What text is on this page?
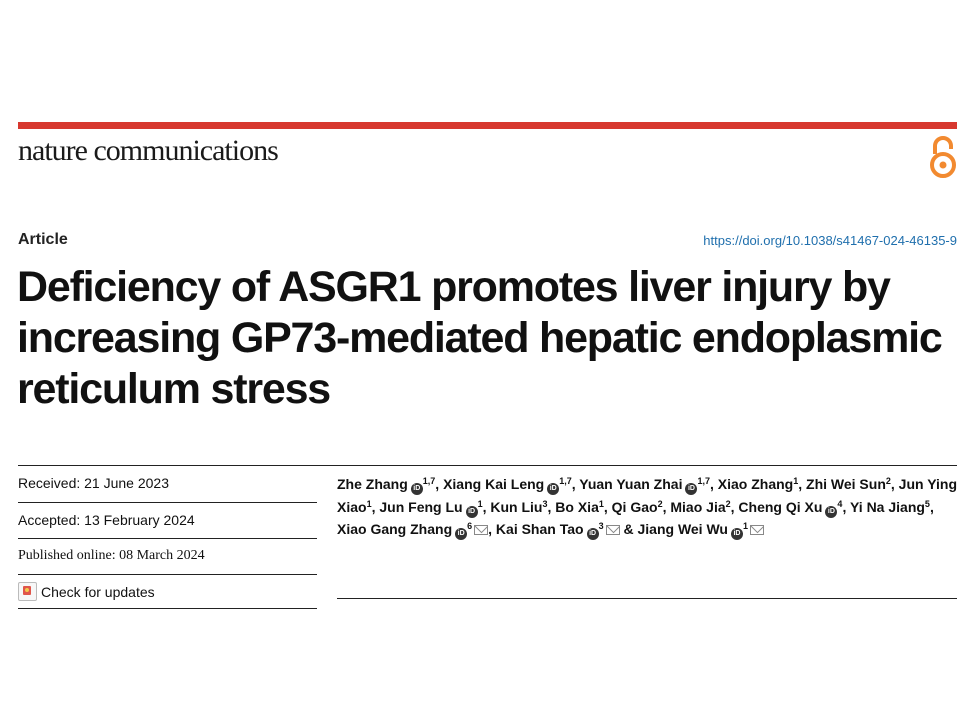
nature communications
Article	https://doi.org/10.1038/s41467-024-46135-9
Deficiency of ASGR1 promotes liver injury by increasing GP73-mediated hepatic endoplasmic reticulum stress
Received: 21 June 2023
Accepted: 13 February 2024
Published online: 08 March 2024
Check for updates

Zhe Zhang iD$^{1,7}$, Xiang Kai Leng iD$^{1,7}$, Yuan Yuan Zhai iD$^{1,7}$, Xiao Zhang$^1$, Zhi Wei Sun$^2$, Jun Ying Xiao$^1$, Jun Feng Lu $iD^1$, Kun Liu$^3$, Bo Xia$^1$, Qi Gao$^2$, Miao Jia$^2$, Cheng Qi Xu $iD^4$, Yi Na Jiang$^5$, Xiao Gang Zhang $iD^6$ , Kai Shan Tao $iD^3$ & Jiang Wei Wu $iD^1$
